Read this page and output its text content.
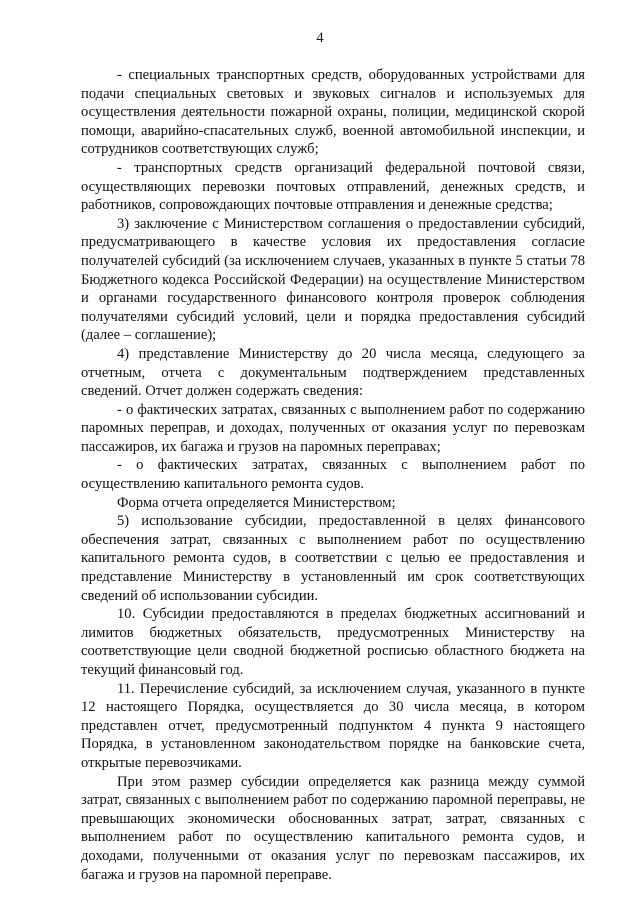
4

- специальных транспортных средств, оборудованных устройствами для подачи специальных световых и звуковых сигналов и используемых для осуществления деятельности пожарной охраны, полиции, медицинской скорой помощи, аварийно-спасательных служб, военной автомобильной инспекции, и сотрудников соответствующих служб;

- транспортных средств организаций федеральной почтовой связи, осуществляющих перевозки почтовых отправлений, денежных средств, и работников, сопровождающих почтовые отправления и денежные средства;

3) заключение с Министерством соглашения о предоставлении субсидий, предусматривающего в качестве условия их предоставления согласие получателей субсидий (за исключением случаев, указанных в пункте 5 статьи 78 Бюджетного кодекса Российской Федерации) на осуществление Министерством и органами государственного финансового контроля проверок соблюдения получателями субсидий условий, цели и порядка предоставления субсидий (далее – соглашение);

4) представление Министерству до 20 числа месяца, следующего за отчетным, отчета с документальным подтверждением представленных сведений. Отчет должен содержать сведения:

- о фактических затратах, связанных с выполнением работ по содержанию паромных переправ, и доходах, полученных от оказания услуг по перевозкам пассажиров, их багажа и грузов на паромных переправах;

- о фактических затратах, связанных с выполнением работ по осуществлению капитального ремонта судов.

Форма отчета определяется Министерством;

5) использование субсидии, предоставленной в целях финансового обеспечения затрат, связанных с выполнением работ по осуществлению капитального ремонта судов, в соответствии с целью ее предоставления и представление Министерству в установленный им срок соответствующих сведений об использовании субсидии.

10. Субсидии предоставляются в пределах бюджетных ассигнований и лимитов бюджетных обязательств, предусмотренных Министерству на соответствующие цели сводной бюджетной росписью областного бюджета на текущий финансовый год.

11. Перечисление субсидий, за исключением случая, указанного в пункте 12 настоящего Порядка, осуществляется до 30 числа месяца, в котором представлен отчет, предусмотренный подпунктом 4 пункта 9 настоящего Порядка, в установленном законодательством порядке на банковские счета, открытые перевозчиками.

При этом размер субсидии определяется как разница между суммой затрат, связанных с выполнением работ по содержанию паромной переправы, не превышающих экономически обоснованных затрат, затрат, связанных с выполнением работ по осуществлению капитального ремонта судов, и доходами, полученными от оказания услуг по перевозкам пассажиров, их багажа и грузов на паромной переправе.
